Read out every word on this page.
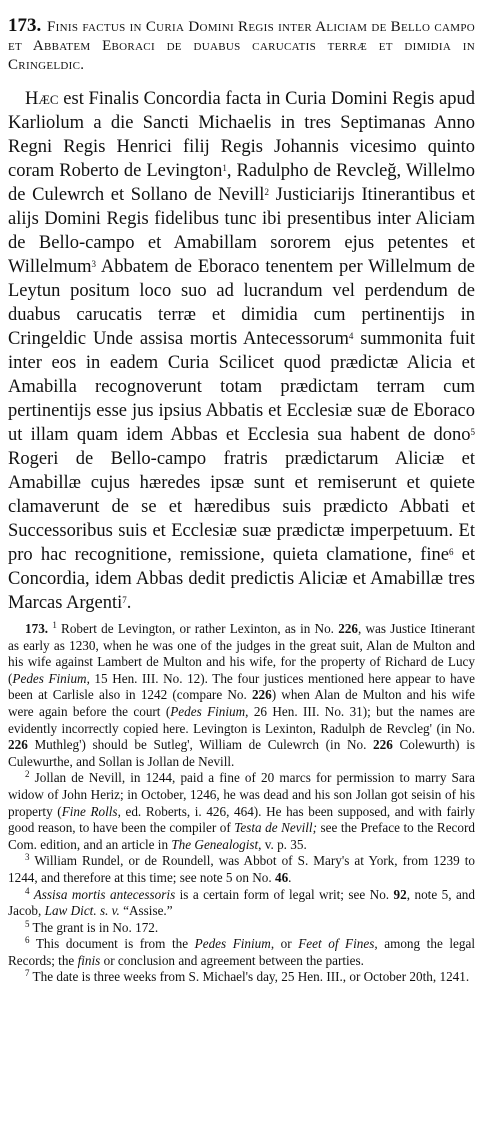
173. Finis factus in Curia Domini Regis inter Aliciam de Bello campo et Abbatem Eboraci de duabus carucatis terræ et dimidia in Cringeldic.

Hæc est Finalis Concordia facta in Curia Domini Regis apud Karliolum a die Sancti Michaelis in tres Septimanas Anno Regni Regis Henrici filij Regis Johannis vicesimo quinto coram Roberto de Levington$^1$, Radulpho de Revcleğ, Willelmo de Culewrch et Sollano de Nevill$^2$ Justiciarijs Itinerantibus et alijs Domini Regis fidelibus tunc ibi presentibus inter Aliciam de Bello-campo et Amabillam sororem ejus petentes et Willelmum$^3$ Abbatem de Eboraco tenentem per Willelmum de Leytun positum loco suo ad lucrandum vel perdendum de duabus carucatis terræ et dimidia cum pertinentijs in Cringeldic Unde assisa mortis Antecessorum$^4$ summonita fuit inter eos in eadem Curia Scilicet quod prædictæ Alicia et Amabilla recognoverunt totam prædictam terram cum pertinentijs esse jus ipsius Abbatis et Ecclesiæ suæ de Eboraco ut illam quam idem Abbas et Ecclesia sua habent de dono$^5$ Rogeri de Bello-campo fratris prædictarum Aliciæ et Amabillæ cujus hæredes ipsæ sunt et remiserunt et quiete clamaverunt de se et hæredibus suis prædicto Abbati et Successoribus suis et Ecclesiæ suæ prædictæ imperpetuum. Et pro hac recognitione, remissione, quieta clamatione, fine$^6$ et Concordia, idem Abbas dedit predictis Aliciæ et Amabillæ tres Marcas Argenti$^7$.

173. $^1$ Robert de Levington, or rather Lexinton, as in No. 226, was Justice Itinerant as early as 1230, when he was one of the judges in the great suit, Alan de Multon and his wife against Lambert de Multon and his wife, for the property of Richard de Lucy (Pedes Finium, 15 Hen. III. No. 12). The four justices mentioned here appear to have been at Carlisle also in 1242 (compare No. 226) when Alan de Multon and his wife were again before the court (Pedes Finium, 26 Hen. III. No. 31); but the names are evidently incorrectly copied here. Levington is Lexinton, Radulph de Revcleg' (in No. 226 Muthleg') should be Sutleg', William de Culewrch (in No. 226 Colewurth) is Culewurthe, and Sollan is Jollan de Nevill.

$^2$ Jollan de Nevill, in 1244, paid a fine of 20 marcs for permission to marry Sara widow of John Heriz; in October, 1246, he was dead and his son Jollan got seisin of his property (Fine Rolls, ed. Roberts, i. 426, 464). He has been supposed, and with fairly good reason, to have been the compiler of Testa de Nevill; see the Preface to the Record Com. edition, and an article in The Genealogist, v. p. 35.

$^3$ William Rundel, or de Roundell, was Abbot of S. Mary's at York, from 1239 to 1244, and therefore at this time; see note 5 on No. 46.

$^4$ Assisa mortis antecessoris is a certain form of legal writ; see No. 92, note 5, and Jacob, Law Dict. s. v. “Assise.”

$^5$ The grant is in No. 172.

$^6$ This document is from the Pedes Finium, or Feet of Fines, among the legal Records; the finis or conclusion and agreement between the parties.

$^7$ The date is three weeks from S. Michael's day, 25 Hen. III., or October 20th, 1241.
